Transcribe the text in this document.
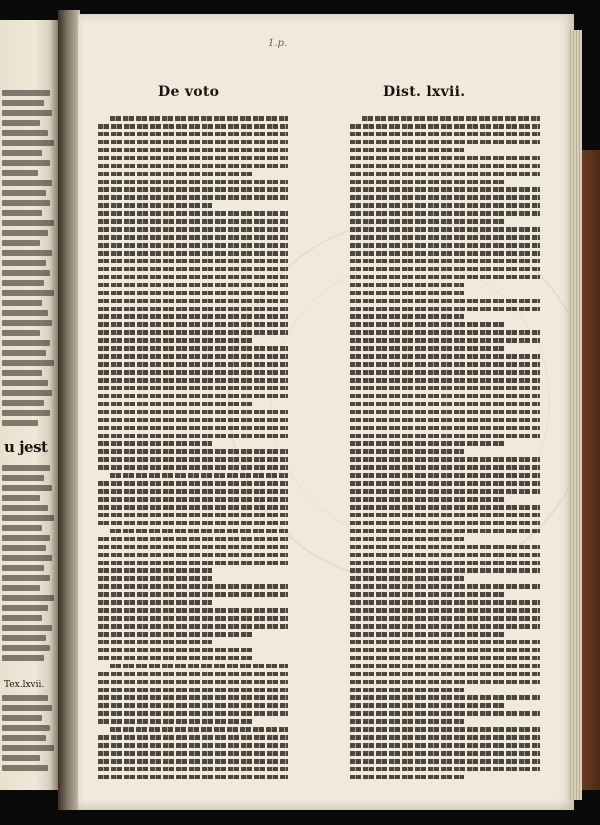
u jest
Tex.lxvii.
1.p.
De voto	Dist. lxvii.
